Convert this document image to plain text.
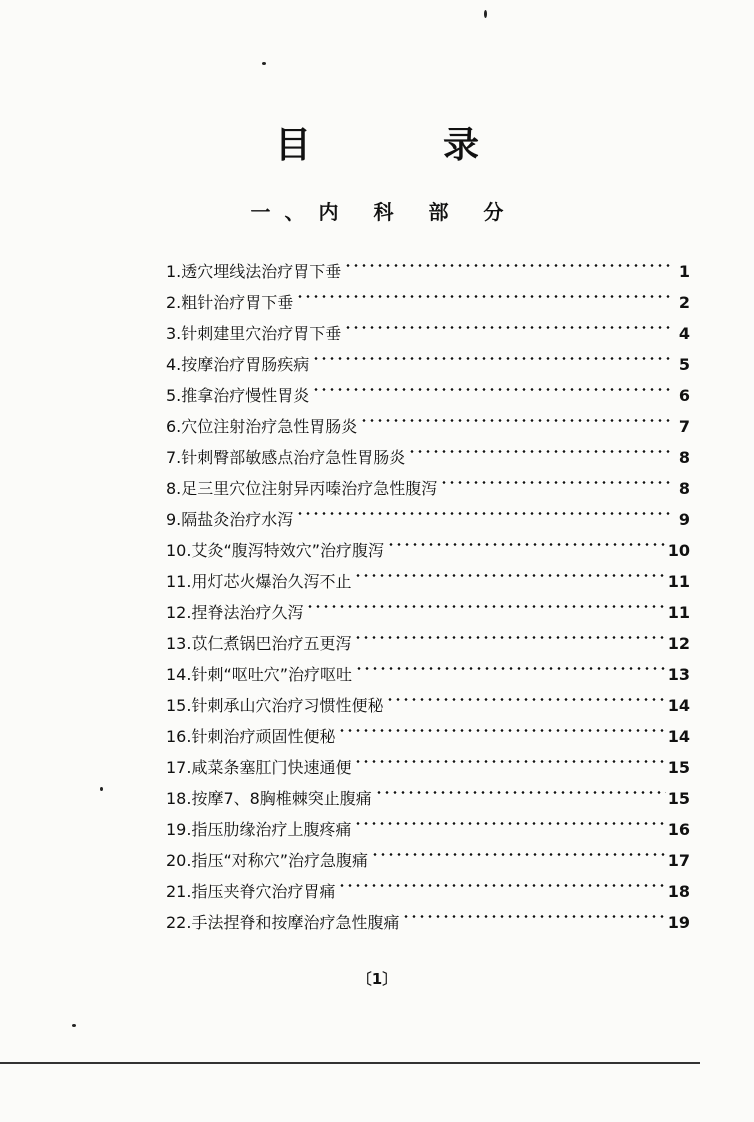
目　录
一、内 科 部 分
1.透穴埋线法治疗胃下垂	1
2.粗针治疗胃下垂	2
3.针刺建里穴治疗胃下垂	4
4.按摩治疗胃肠疾病	5
5.推拿治疗慢性胃炎	6
6.穴位注射治疗急性胃肠炎	7
7.针刺臀部敏感点治疗急性胃肠炎	8
8.足三里穴位注射异丙嗪治疗急性腹泻	8
9.隔盐灸治疗水泻	9
10.艾灸“腹泻特效穴”治疗腹泻	10
11.用灯芯火爆治久泻不止	11
12.捏脊法治疗久泻	11
13.苡仁煮锅巴治疗五更泻	12
14.针刺“呕吐穴”治疗呕吐	13
15.针刺承山穴治疗习惯性便秘	14
16.针刺治疗顽固性便秘	14
17.咸菜条塞肛门快速通便	15
18.按摩7、8胸椎棘突止腹痛	15
19.指压肋缘治疗上腹疼痛	16
20.指压“对称穴”治疗急腹痛	17
21.指压夹脊穴治疗胃痛	18
22.手法捏脊和按摩治疗急性腹痛	19
〔1〕
